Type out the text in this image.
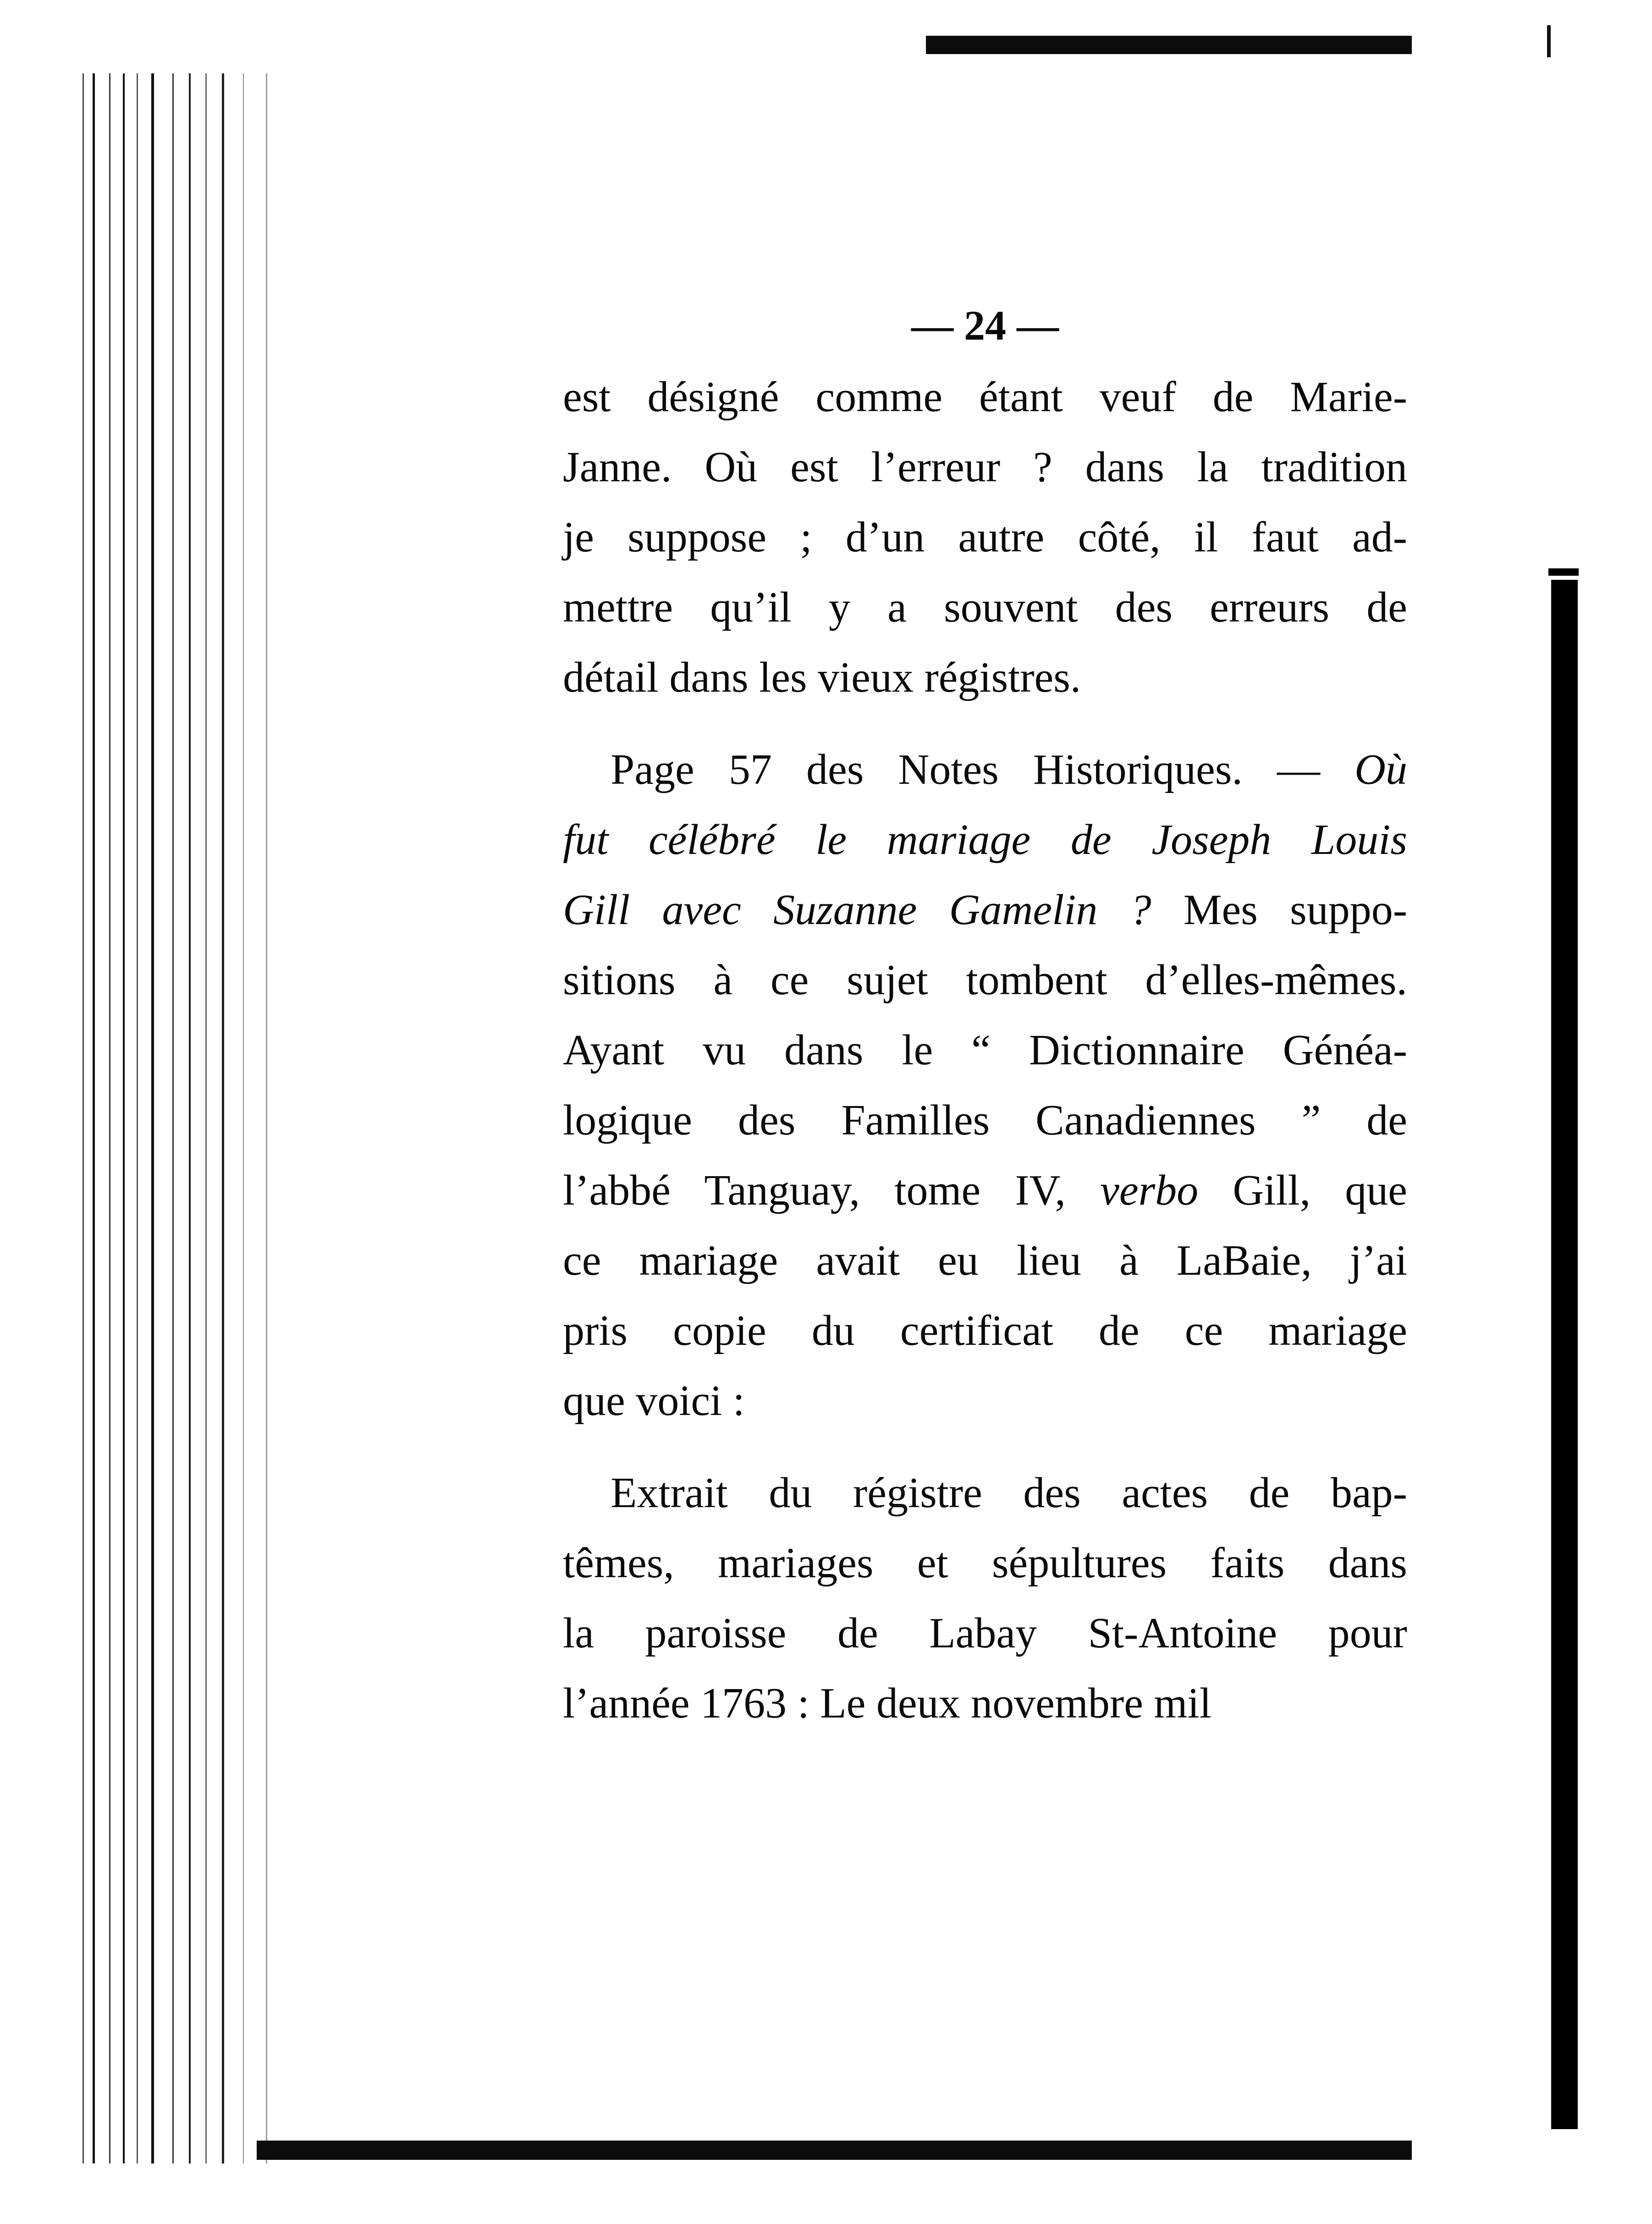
— 24 —
est désigné comme étant veuf de Marie-
Janne. Où est l’erreur ? dans la tradition
je suppose ; d’un autre côté, il faut ad-
mettre qu’il y a souvent des erreurs de
détail dans les vieux régistres.
Page 57 des Notes Historiques. — Où
fut célébré le mariage de Joseph Louis
Gill avec Suzanne Gamelin ? Mes suppo-
sitions à ce sujet tombent d’elles-mêmes.
Ayant vu dans le “ Dictionnaire Généa-
logique des Familles Canadiennes ” de
l’abbé Tanguay, tome IV, verbo Gill, que
ce mariage avait eu lieu à LaBaie, j’ai
pris copie du certificat de ce mariage
que voici :
Extrait du régistre des actes de bap-
têmes, mariages et sépultures faits dans
la paroisse de Labay St-Antoine pour
l’année 1763 : Le deux novembre mil
